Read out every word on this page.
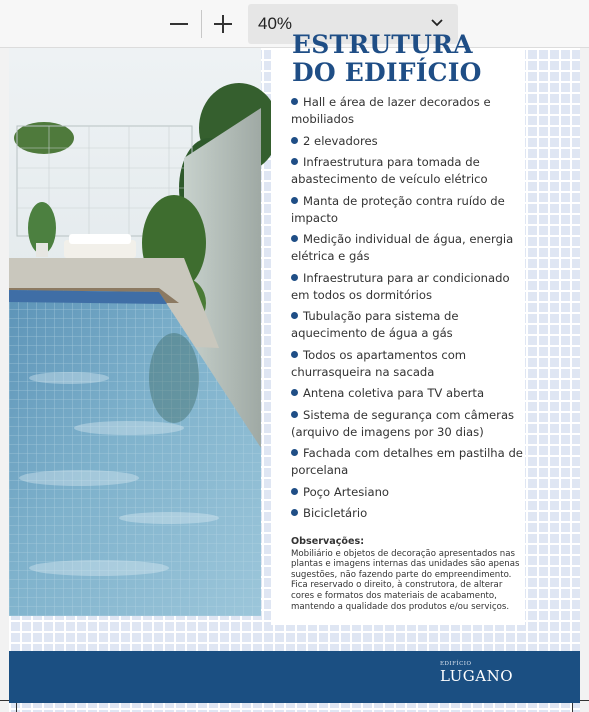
40%
ESTRUTURA
DO EDIFÍCIO
Hall e área de lazer decorados e mobiliados
2 elevadores
Infraestrutura para tomada de abastecimento de veículo elétrico
Manta de proteção contra ruído de impacto
Medição individual de água, energia elétrica e gás
Infraestrutura para ar condicionado em todos os dormitórios
Tubulação para sistema de aquecimento de água a gás
Todos os apartamentos com churrasqueira na sacada
Antena coletiva para TV aberta
Sistema de segurança com câmeras (arquivo de imagens por 30 dias)
Fachada com detalhes em pastilha de porcelana
Poço Artesiano
Bicicletário
Observações:
Mobiliário e objetos de decoração apresentados nas plantas e imagens internas das unidades são apenas sugestões, não fazendo parte do empreendimento. Fica reservado o direito, à construtora, de alterar cores e formatos dos materiais de acabamento, mantendo a qualidade dos produtos e/ou serviços.
EDIFÍCIO
LUGANO
